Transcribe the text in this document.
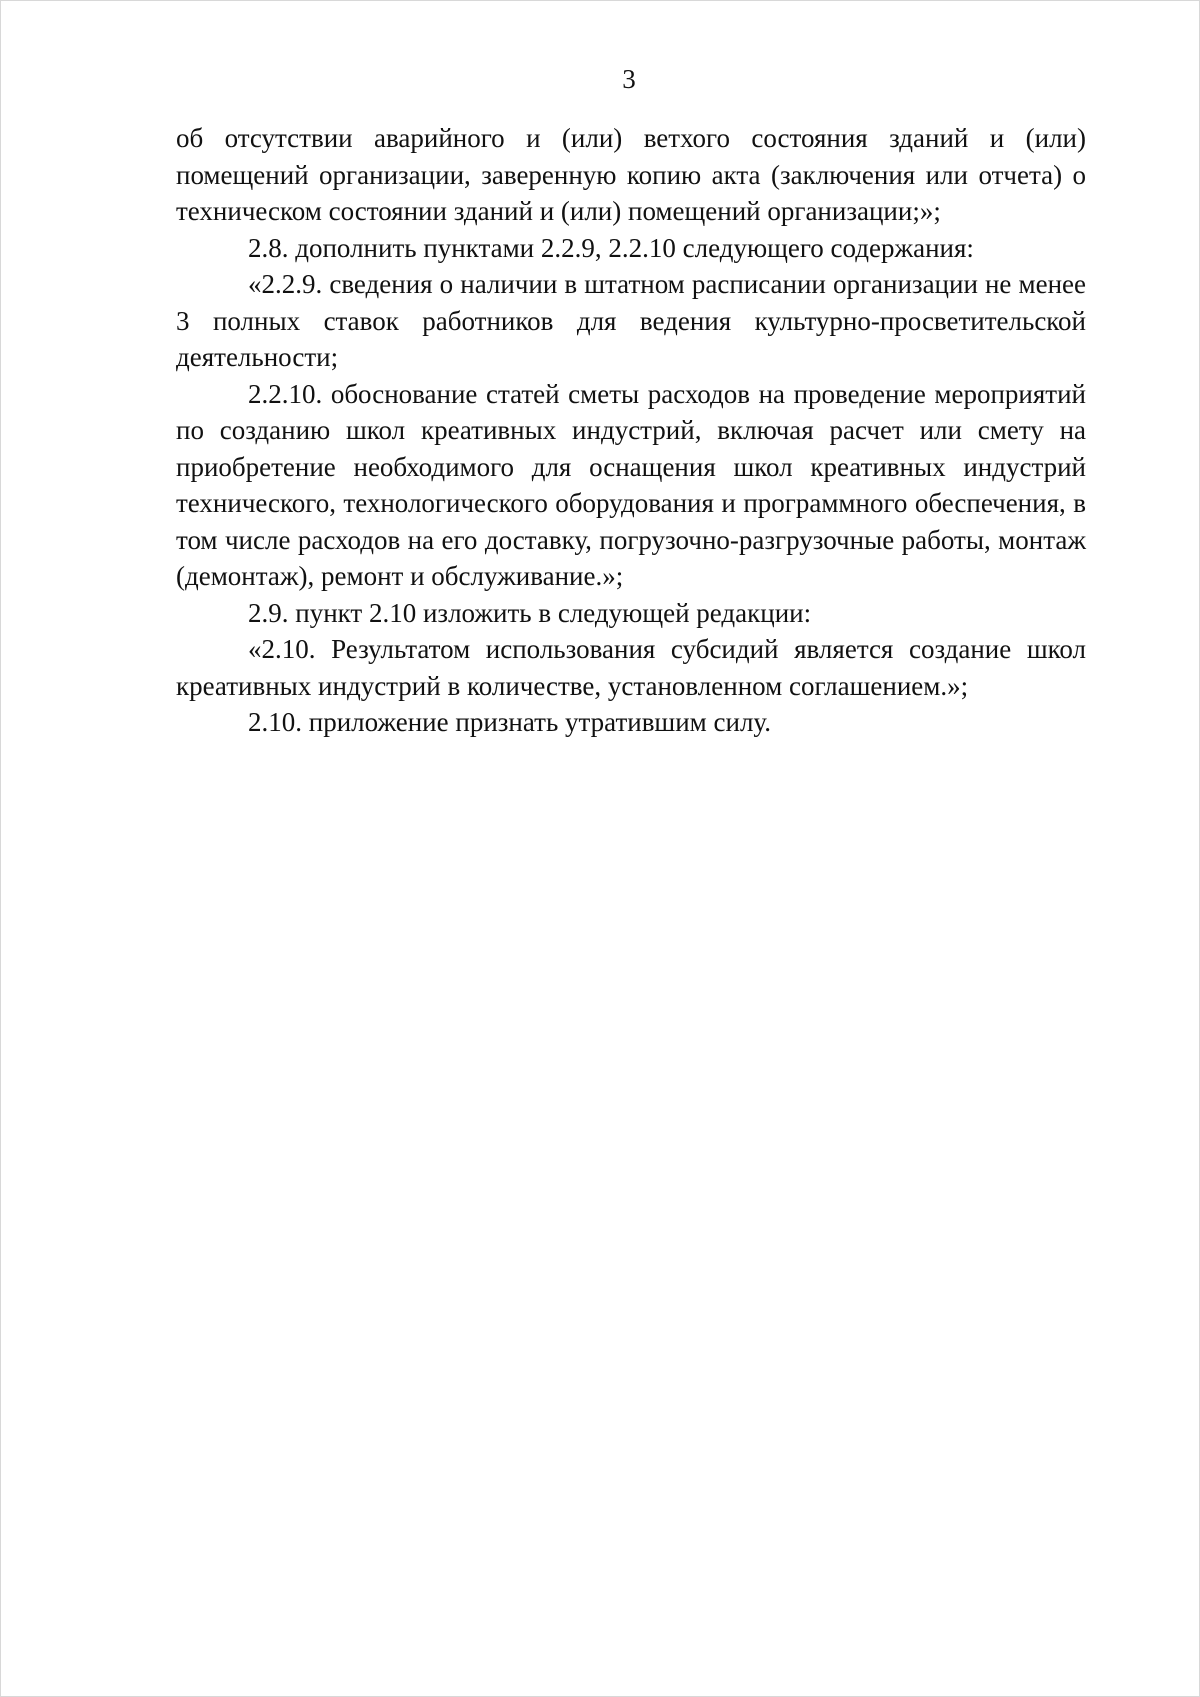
3

об отсутствии аварийного и (или) ветхого состояния зданий и (или) помещений организации, заверенную копию акта (заключения или отчета) о техническом состоянии зданий и (или) помещений организации;»;

2.8. дополнить пунктами 2.2.9, 2.2.10 следующего содержания:

«2.2.9. сведения о наличии в штатном расписании организации не менее 3 полных ставок работников для ведения культурно-просветительской деятельности;

2.2.10. обоснование статей сметы расходов на проведение мероприятий по созданию школ креативных индустрий, включая расчет или смету на приобретение необходимого для оснащения школ креативных индустрий технического, технологического оборудования и программного обеспечения, в том числе расходов на его доставку, погрузочно-разгрузочные работы, монтаж (демонтаж), ремонт и обслуживание.»;

2.9. пункт 2.10 изложить в следующей редакции:

«2.10. Результатом использования субсидий является создание школ креативных индустрий в количестве, установленном соглашением.»;

2.10. приложение признать утратившим силу.
